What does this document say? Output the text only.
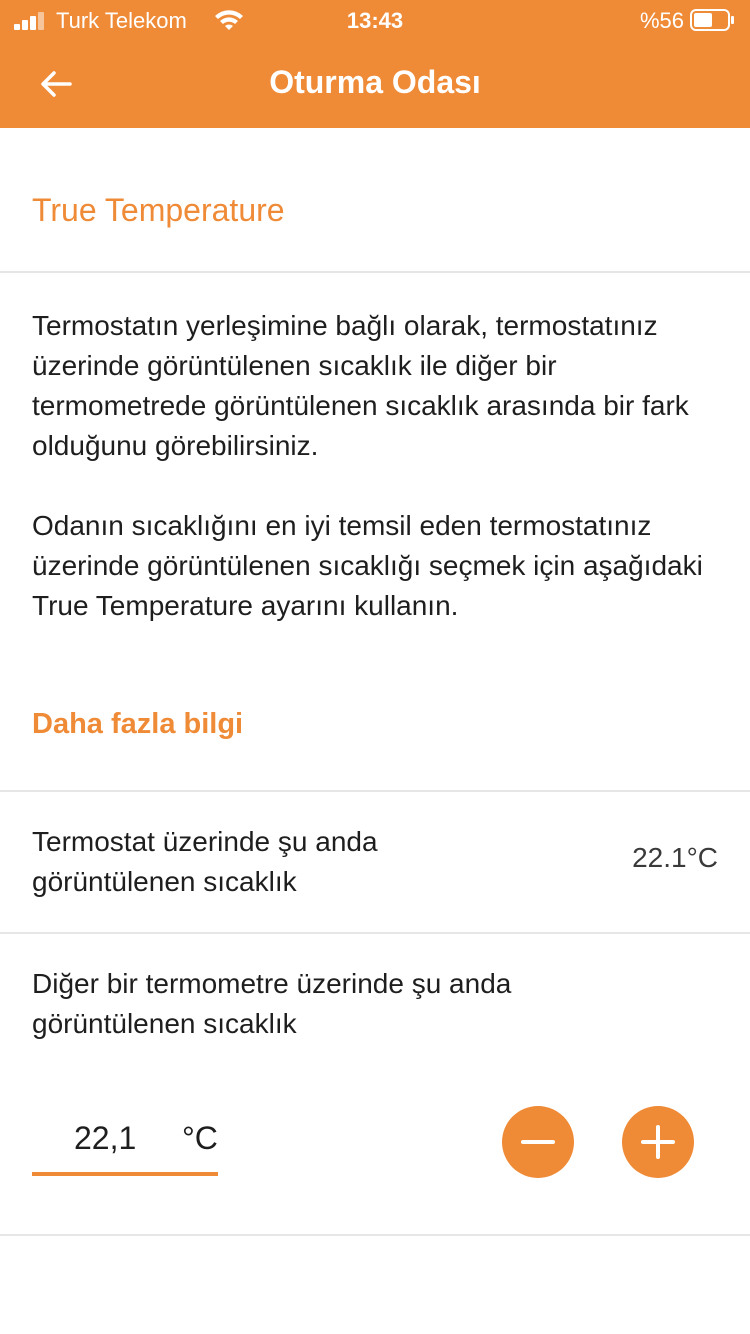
Turk Telekom	13:43	%56
Oturma Odası
True Temperature
Termostatın yerleşimine bağlı olarak, termostatınız üzerinde görüntülenen sıcaklık ile diğer bir termometrede görüntülenen sıcaklık arasında bir fark olduğunu görebilirsiniz.
Odanın sıcaklığını en iyi temsil eden termostatınız üzerinde görüntülenen sıcaklığı seçmek için aşağıdaki True Temperature ayarını kullanın.
Daha fazla bilgi
Termostat üzerinde şu anda
görüntülenen sıcaklık
22.1°C
Diğer bir termometre üzerinde şu anda
görüntülenen sıcaklık
22,1 °C
